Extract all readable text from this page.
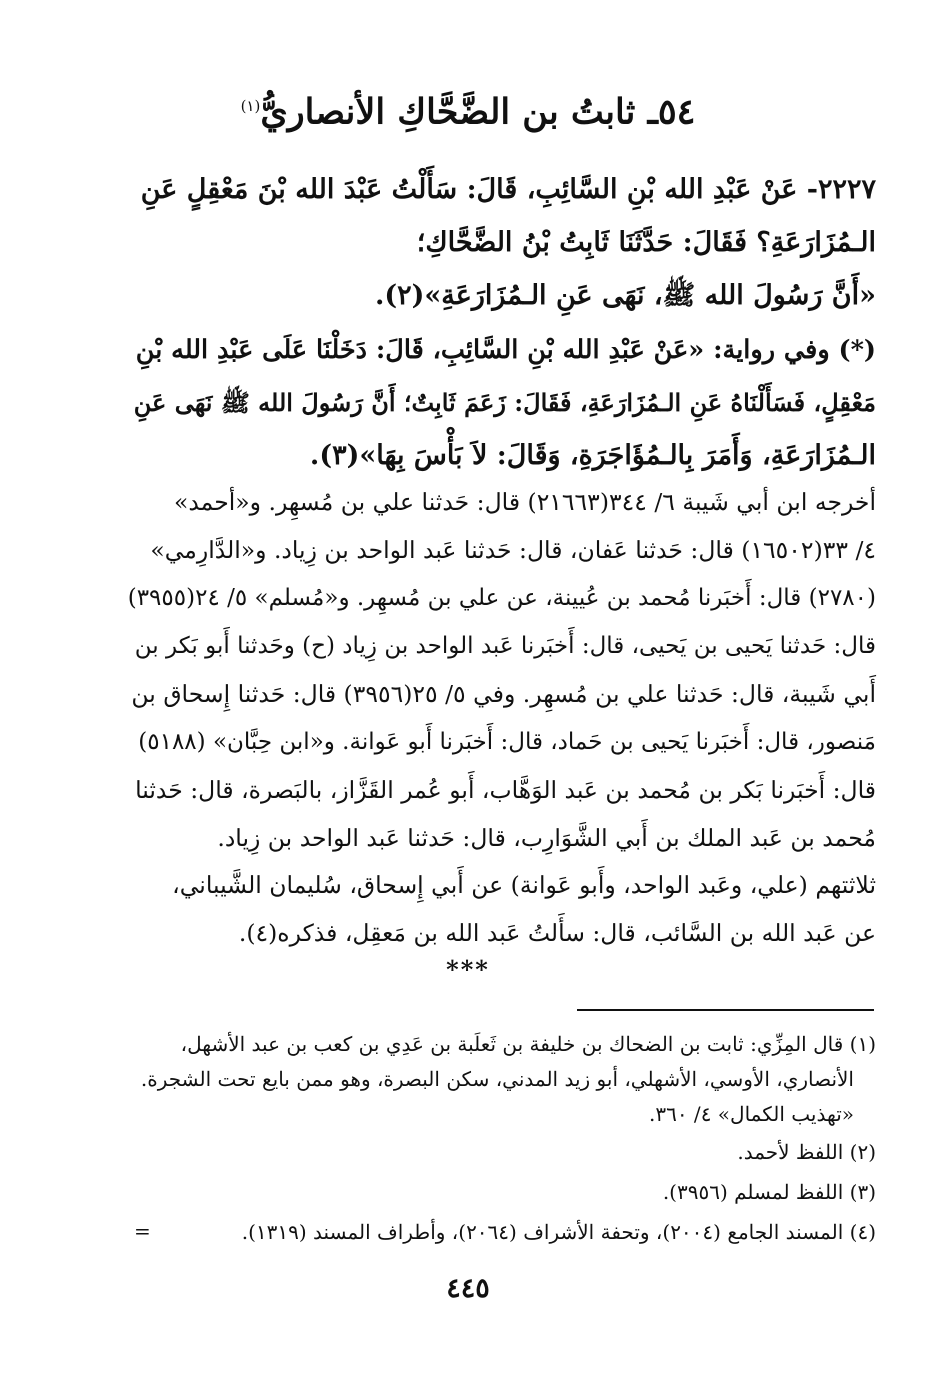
٥٤ـ ثابتُ بن الضَّحَّاكِ الأنصاريُّ$^{(١)}$
٢٢٢٧- عَنْ عَبْدِ الله بْنِ السَّائِبِ، قَالَ: سَأَلْتُ عَبْدَ الله بْنَ مَعْقِلٍ عَنِ
الـمُزَارَعَةِ؟ فَقَالَ: حَدَّثَنَا ثَابِتُ بْنُ الضَّحَّاكِ؛
«أَنَّ رَسُولَ الله ﷺ، نَهَى عَنِ الـمُزَارَعَةِ»(٢).
(*) وفي رواية: «عَنْ عَبْدِ الله بْنِ السَّائِبِ، قَالَ: دَخَلْنَا عَلَى عَبْدِ الله بْنِ
مَعْقِلٍ، فَسَأَلْنَاهُ عَنِ الـمُزَارَعَةِ، فَقَالَ: زَعَمَ ثَابِتٌ؛ أَنَّ رَسُولَ الله ﷺ نَهَى عَنِ
الـمُزَارَعَةِ، وَأَمَرَ بِالـمُؤَاجَرَةِ، وَقَالَ: لاَ بَأْسَ بِهَا»(٣).
أخرجه ابن أبي شَيبة ٦/ ٣٤٤(٢١٦٦٣) قال: حَدثنا علي بن مُسهِر. و«أحمد»
٤/ ٣٣(١٦٥٠٢) قال: حَدثنا عَفان، قال: حَدثنا عَبد الواحد بن زِياد. و«الدَّارِمي»
(٢٧٨٠) قال: أَخبَرنا مُحمد بن عُيينة، عن علي بن مُسهِر. و«مُسلم» ٥/ ٢٤(٣٩٥٥)
قال: حَدثنا يَحيى بن يَحيى، قال: أَخبَرنا عَبد الواحد بن زِياد (ح) وحَدثنا أَبو بَكر بن
أَبي شَيبة، قال: حَدثنا علي بن مُسهِر. وفي ٥/ ٢٥(٣٩٥٦) قال: حَدثنا إِسحاق بن
مَنصور، قال: أَخبَرنا يَحيى بن حَماد، قال: أَخبَرنا أَبو عَوانة. و«ابن حِبَّان» (٥١٨٨)
قال: أَخبَرنا بَكر بن مُحمد بن عَبد الوَهَّاب، أَبو عُمر القَزَّاز، بالبَصرة، قال: حَدثنا
مُحمد بن عَبد الملك بن أَبي الشَّوَارِب، قال: حَدثنا عَبد الواحد بن زِياد.
ثلاثتهم (علي، وعَبد الواحد، وأَبو عَوانة) عن أَبي إِسحاق، سُليمان الشَّيباني،
عن عَبد الله بن السَّائب، قال: سأَلتُ عَبد الله بن مَعقِل، فذكره(٤).
***
(١) قال المِزِّي: ثابت بن الضحاك بن خليفة بن ثَعلَبة بن عَدِي بن كعب بن عبد الأشهل،
الأنصاري، الأوسي، الأشهلي، أبو زيد المدني، سكن البصرة، وهو ممن بايع تحت الشجرة.
«تهذيب الكمال» ٤/ ٣٦٠.
(٢) اللفظ لأحمد.
(٣) اللفظ لمسلم (٣٩٥٦).
(٤) المسند الجامع (٢٠٠٤)، وتحفة الأشراف (٢٠٦٤)، وأطراف المسند (١٣١٩).
=
٤٤٥
